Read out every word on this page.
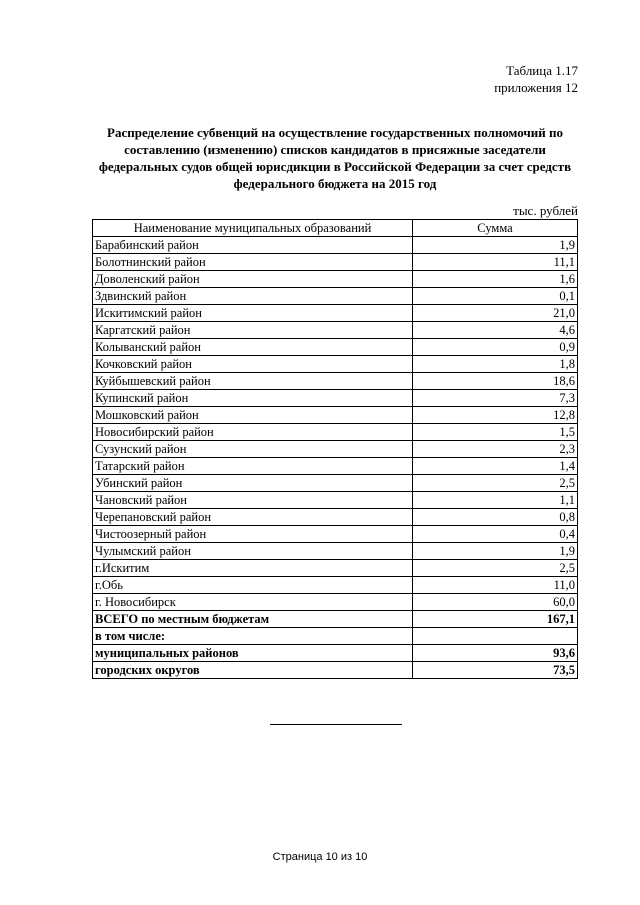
Таблица 1.17
приложения 12
Распределение субвенций на осуществление государственных полномочий по
составлению (изменению) списков кандидатов в присяжные заседатели
федеральных судов общей юрисдикции в Российской Федерации за счет средств
федерального бюджета на 2015 год
тыс. рублей
Наименование муниципальных образований	Сумма
Барабинский район	1,9
Болотнинский район	11,1
Доволенский район	1,6
Здвинский район	0,1
Искитимский район	21,0
Каргатский район	4,6
Колыванский район	0,9
Кочковский район	1,8
Куйбышевский район	18,6
Купинский район	7,3
Мошковский район	12,8
Новосибирский район	1,5
Сузунский район	2,3
Татарский район	1,4
Убинский район	2,5
Чановский район	1,1
Черепановский район	0,8
Чистоозерный район	0,4
Чулымский район	1,9
г.Искитим	2,5
г.Обь	11,0
г. Новосибирск	60,0
ВСЕГО по местным бюджетам	167,1
в том числе:	
муниципальных районов	93,6
городских округов	73,5
Страница 10 из 10
